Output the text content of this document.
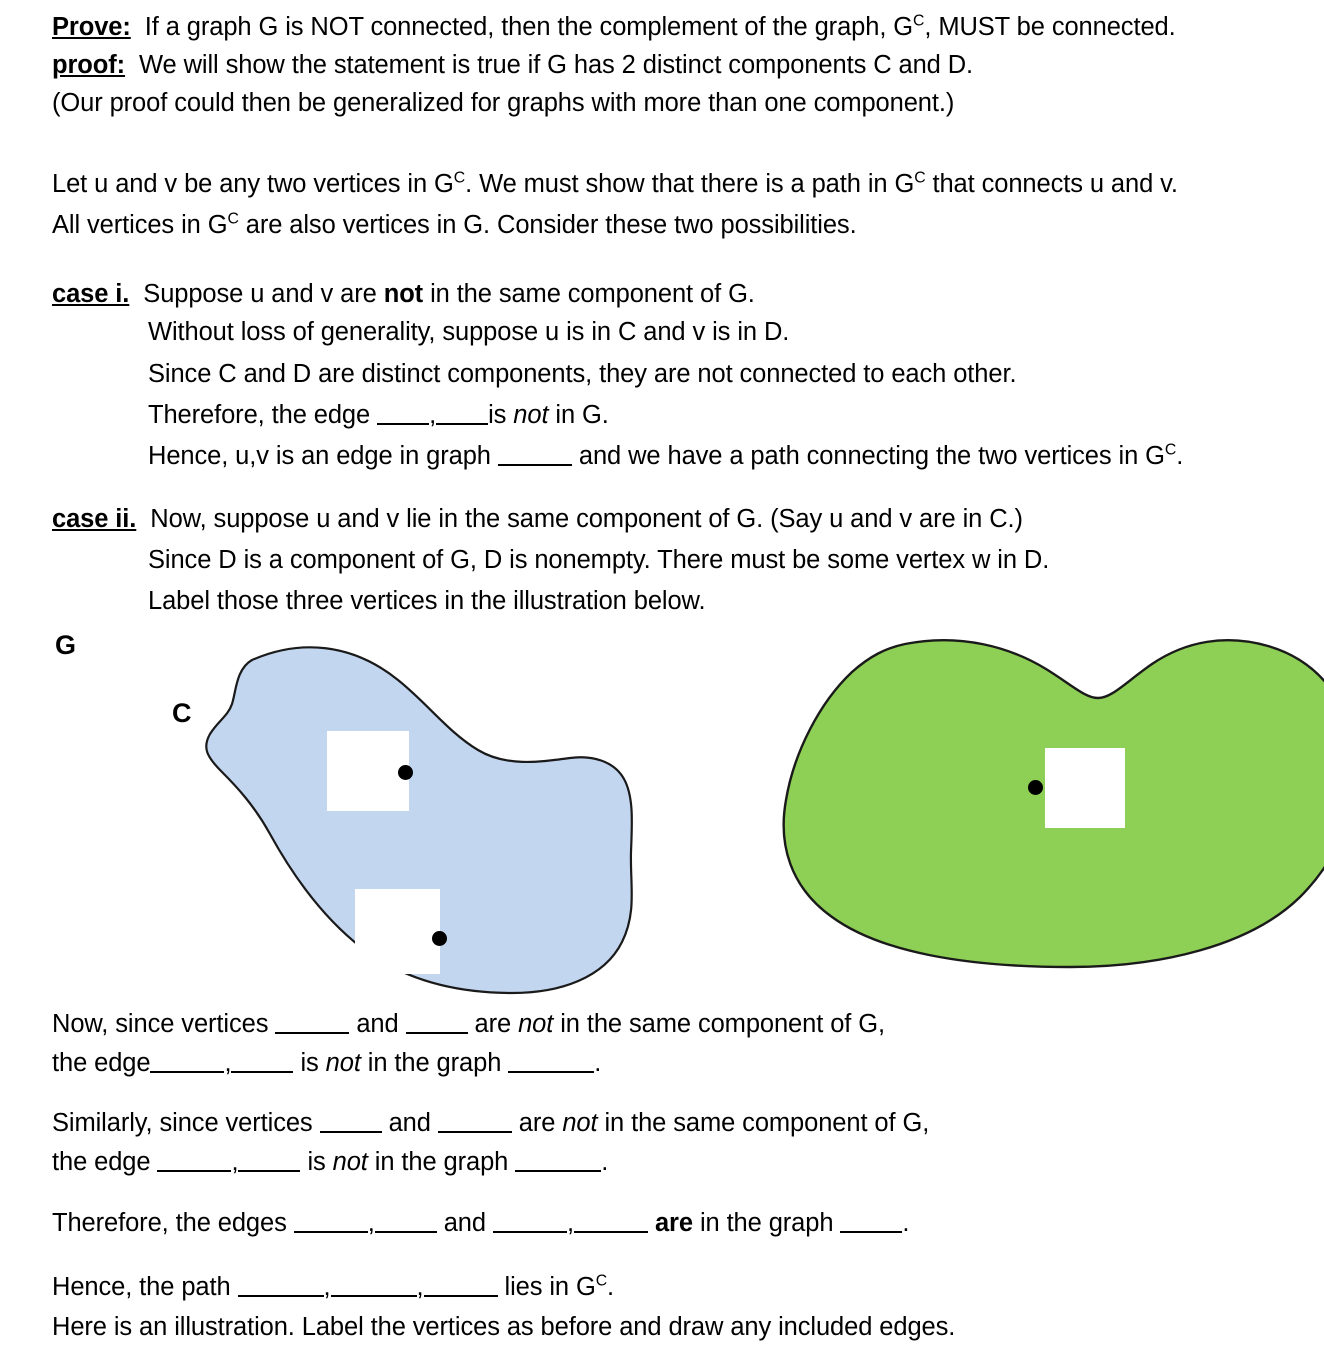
Prove: If a graph G is NOT connected, then the complement of the graph, $G^C$, MUST be connected.
proof: We will show the statement is true if G has 2 distinct components C and D.
(Our proof could then be generalized for graphs with more than one component.)
Let u and v be any two vertices in $G^C$. We must show that there is a path in $G^C$ that connects u and v.
All vertices in $G^C$ are also vertices in G. Consider these two possibilities.
case i. Suppose u and v are not in the same component of G.
Without loss of generality, suppose u is in C and v is in D.
Since C and D are distinct components, they are not connected to each other.
Therefore, the edge , is not in G.
Hence, u,v is an edge in graph	and we have a path connecting the two vertices in $G^C$.
case ii. Now, suppose u and v lie in the same component of G. (Say u and v are in C.)
Since D is a component of G, D is nonempty. There must be some vertex w in D.
Label those three vertices in the illustration below.
G
C
Now, since vertices	and  are not in the same component of G,
the edge	, is not in the graph	.
Similarly, since vertices  and	are not in the same component of G,
the edge	, is not in the graph	.
Therefore, the edges	, and	,	are in the graph .
Hence, the path	,	,	lies in $G^C$.
Here is an illustration. Label the vertices as before and draw any included edges.
